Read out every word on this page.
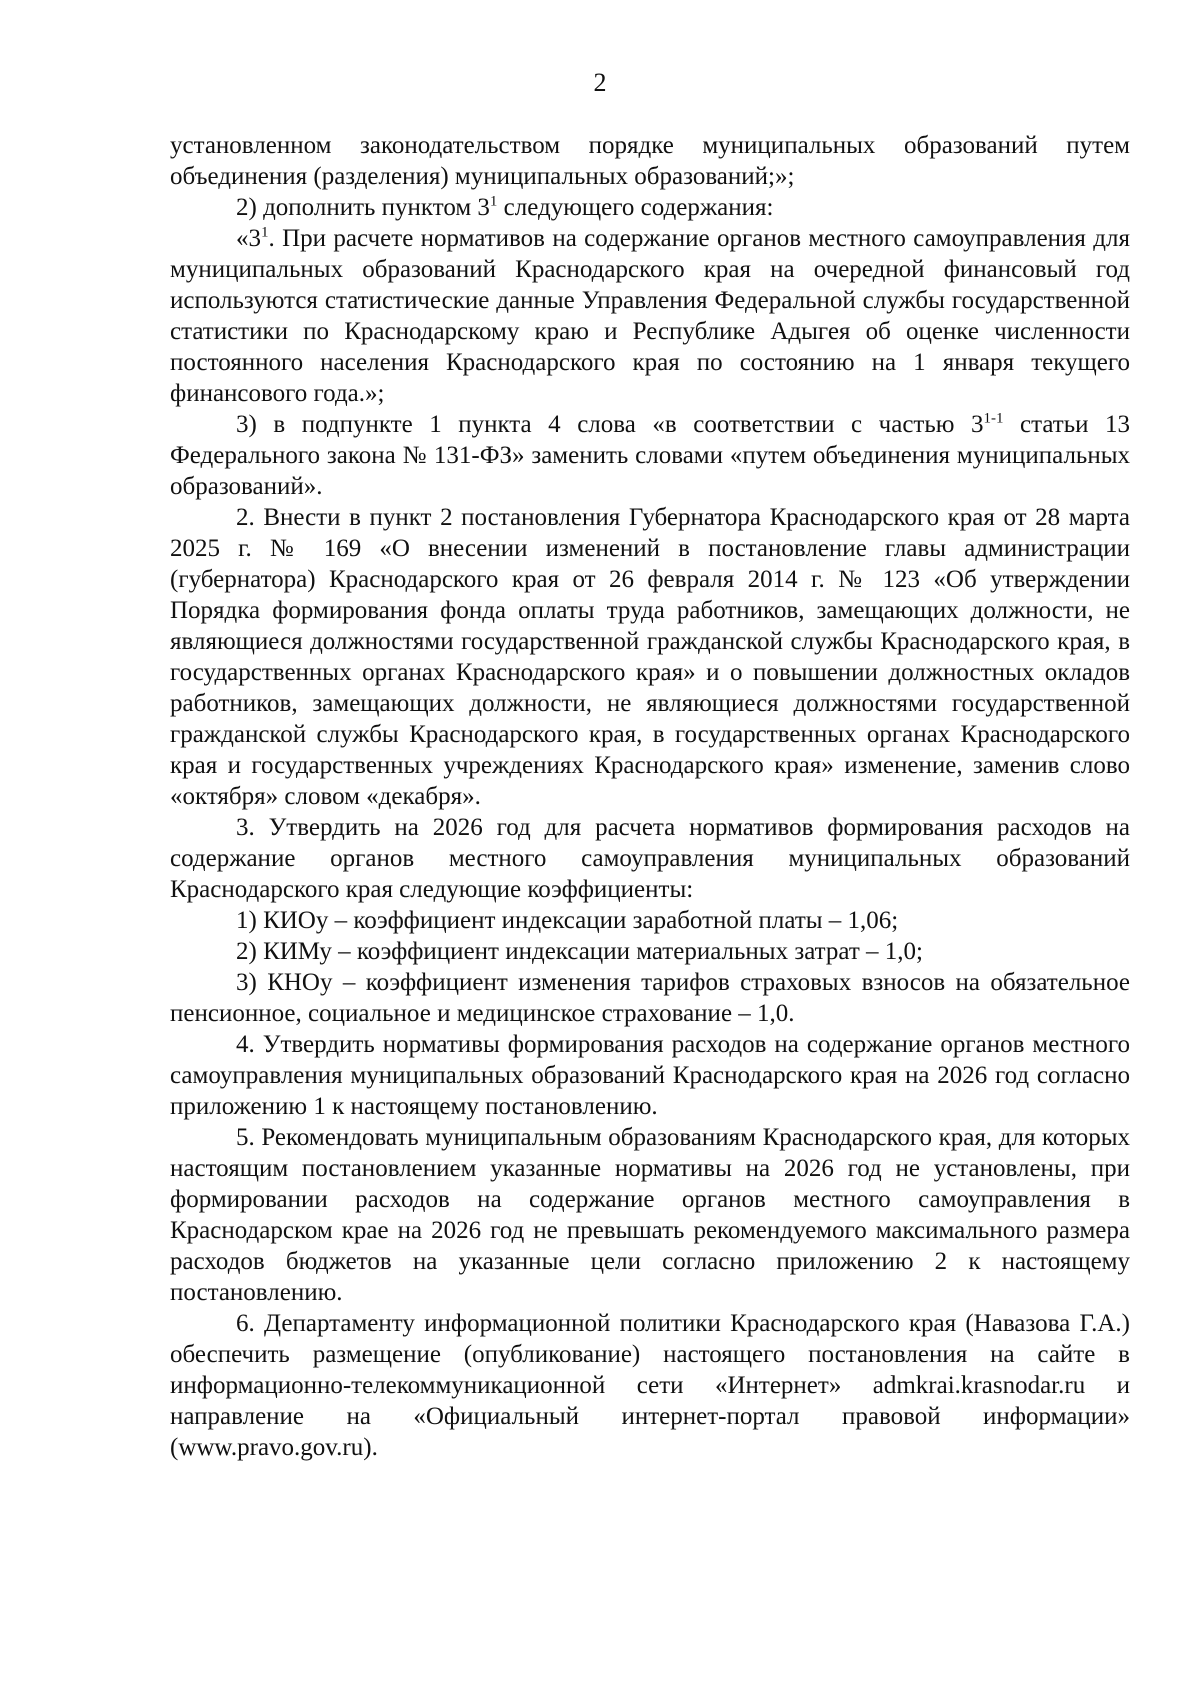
2

установленном законодательством порядке муниципальных образований путем объединения (разделения) муниципальных образований;»;

2) дополнить пунктом $3^1$ следующего содержания:

«$3^1$. При расчете нормативов на содержание органов местного самоуправления для муниципальных образований Краснодарского края на очередной финансовый год используются статистические данные Управления Федеральной службы государственной статистики по Краснодарскому краю и Республике Адыгея об оценке численности постоянного населения Краснодарского края по состоянию на 1 января текущего финансового года.»;

3) в подпункте 1 пункта 4 слова «в соответствии с частью 3$^{1-1}$ статьи 13 Федерального закона № 131-ФЗ» заменить словами «путем объединения муниципальных образований».

2. Внести в пункт 2 постановления Губернатора Краснодарского края от 28 марта 2025 г. № 169 «О внесении изменений в постановление главы администрации (губернатора) Краснодарского края от 26 февраля 2014 г. № 123 «Об утверждении Порядка формирования фонда оплаты труда работников, замещающих должности, не являющиеся должностями государственной гражданской службы Краснодарского края, в государственных органах Краснодарского края» и о повышении должностных окладов работников, замещающих должности, не являющиеся должностями государственной гражданской службы Краснодарского края, в государственных органах Краснодарского края и государственных учреждениях Краснодарского края» изменение, заменив слово «октября» словом «декабря».

3. Утвердить на 2026 год для расчета нормативов формирования расходов на содержание органов местного самоуправления муниципальных образований Краснодарского края следующие коэффициенты:

1) КИОу – коэффициент индексации заработной платы – 1,06;

2) КИМу – коэффициент индексации материальных затрат – 1,0;

3) КНОу – коэффициент изменения тарифов страховых взносов на обязательное пенсионное, социальное и медицинское страхование – 1,0.

4. Утвердить нормативы формирования расходов на содержание органов местного самоуправления муниципальных образований Краснодарского края на 2026 год согласно приложению 1 к настоящему постановлению.

5. Рекомендовать муниципальным образованиям Краснодарского края, для которых настоящим постановлением указанные нормативы на 2026 год не установлены, при формировании расходов на содержание органов местного самоуправления в Краснодарском крае на 2026 год не превышать рекомендуемого максимального размера расходов бюджетов на указанные цели согласно приложению 2 к настоящему постановлению.

6. Департаменту информационной политики Краснодарского края (Навазова Г.А.) обеспечить размещение (опубликование) настоящего постановления на сайте в информационно-телекоммуникационной сети «Интернет» admkrai.krasnodar.ru и направление на «Официальный интернет-портал правовой информации» (www.pravo.gov.ru).
